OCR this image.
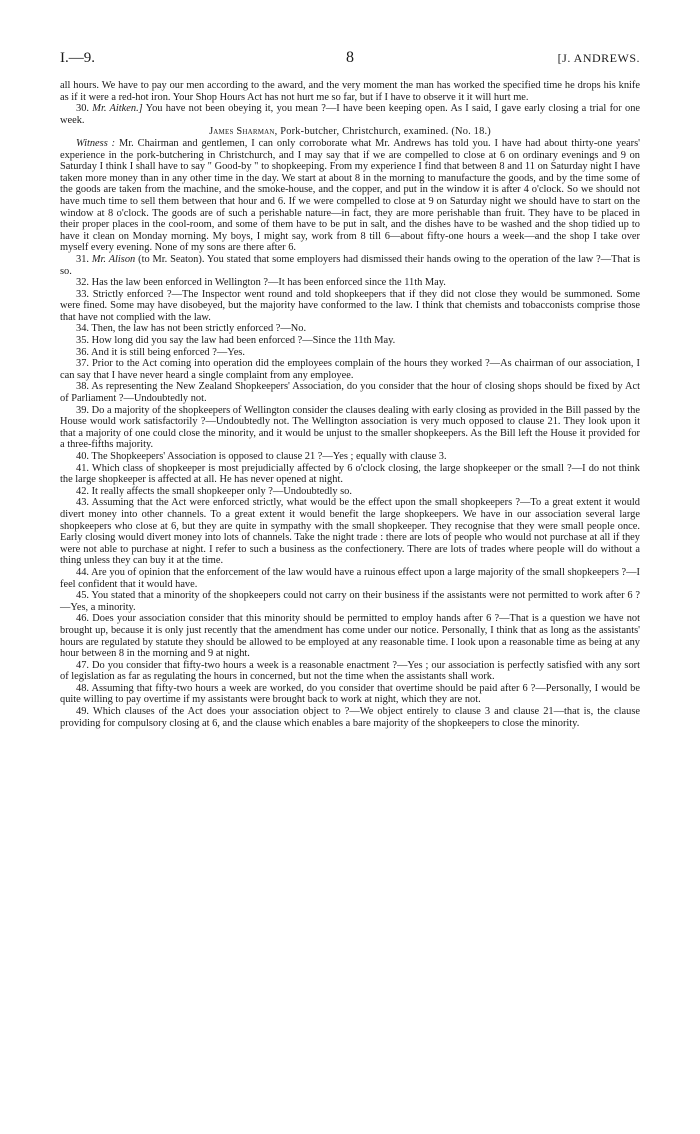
I.—9.	8	[J. ANDREWS.

all hours. We have to pay our men according to the award, and the very moment the man has worked the specified time he drops his knife as if it were a red-hot iron. Your Shop Hours Act has not hurt me so far, but if I have to observe it it will hurt me.

30. Mr. Aitken.] You have not been obeying it, you mean ?—I have been keeping open. As I said, I gave early closing a trial for one week.

James Sharman, Pork-butcher, Christchurch, examined. (No. 18.)

Witness : Mr. Chairman and gentlemen, I can only corroborate what Mr. Andrews has told you. I have had about thirty-one years' experience in the pork-butchering in Christchurch, and I may say that if we are compelled to close at 6 on ordinary evenings and 9 on Saturday I think I shall have to say " Good-by " to shopkeeping. From my experience I find that between 8 and 11 on Saturday night I have taken more money than in any other time in the day. We start at about 8 in the morning to manufacture the goods, and by the time some of the goods are taken from the machine, and the smoke-house, and the copper, and put in the window it is after 4 o'clock. So we should not have much time to sell them between that hour and 6. If we were compelled to close at 9 on Saturday night we should have to start on the window at 8 o'clock. The goods are of such a perishable nature—in fact, they are more perishable than fruit. They have to be placed in their proper places in the cool-room, and some of them have to be put in salt, and the dishes have to be washed and the shop tidied up to have it clean on Monday morning. My boys, I might say, work from 8 till 6—about fifty-one hours a week—and the shop I take over myself every evening. None of my sons are there after 6.

31. Mr. Alison (to Mr. Seaton). You stated that some employers had dismissed their hands owing to the operation of the law ?—That is so.

32. Has the law been enforced in Wellington ?—It has been enforced since the 11th May.

33. Strictly enforced ?—The Inspector went round and told shopkeepers that if they did not close they would be summoned. Some were fined. Some may have disobeyed, but the majority have conformed to the law. I think that chemists and tobacconists comprise those that have not complied with the law.

34. Then, the law has not been strictly enforced ?—No.

35. How long did you say the law had been enforced ?—Since the 11th May.

36. And it is still being enforced ?—Yes.

37. Prior to the Act coming into operation did the employees complain of the hours they worked ?—As chairman of our association, I can say that I have never heard a single complaint from any employee.

38. As representing the New Zealand Shopkeepers' Association, do you consider that the hour of closing shops should be fixed by Act of Parliament ?—Undoubtedly not.

39. Do a majority of the shopkeepers of Wellington consider the clauses dealing with early closing as provided in the Bill passed by the House would work satisfactorily ?—Undoubtedly not. The Wellington association is very much opposed to clause 21. They look upon it that a majority of one could close the minority, and it would be unjust to the smaller shopkeepers. As the Bill left the House it provided for a three-fifths majority.

40. The Shopkeepers' Association is opposed to clause 21 ?—Yes ; equally with clause 3.

41. Which class of shopkeeper is most prejudicially affected by 6 o'clock closing, the large shopkeeper or the small ?—I do not think the large shopkeeper is affected at all. He has never opened at night.

42. It really affects the small shopkeeper only ?—Undoubtedly so.

43. Assuming that the Act were enforced strictly, what would be the effect upon the small shopkeepers ?—To a great extent it would divert money into other channels. To a great extent it would benefit the large shopkeepers. We have in our association several large shopkeepers who close at 6, but they are quite in sympathy with the small shopkeeper. They recognise that they were small people once. Early closing would divert money into lots of channels. Take the night trade : there are lots of people who would not purchase at all if they were not able to purchase at night. I refer to such a business as the confectionery. There are lots of trades where people will do without a thing unless they can buy it at the time.

44. Are you of opinion that the enforcement of the law would have a ruinous effect upon a large majority of the small shopkeepers ?—I feel confident that it would have.

45. You stated that a minority of the shopkeepers could not carry on their business if the assistants were not permitted to work after 6 ?—Yes, a minority.

46. Does your association consider that this minority should be permitted to employ hands after 6 ?—That is a question we have not brought up, because it is only just recently that the amendment has come under our notice. Personally, I think that as long as the assistants' hours are regulated by statute they should be allowed to be employed at any reasonable time. I look upon a reasonable time as being at any hour between 8 in the morning and 9 at night.

47. Do you consider that fifty-two hours a week is a reasonable enactment ?—Yes ; our association is perfectly satisfied with any sort of legislation as far as regulating the hours in concerned, but not the time when the assistants shall work.

48. Assuming that fifty-two hours a week are worked, do you consider that overtime should be paid after 6 ?—Personally, I would be quite willing to pay overtime if my assistants were brought back to work at night, which they are not.

49. Which clauses of the Act does your association object to ?—We object entirely to clause 3 and clause 21—that is, the clause providing for compulsory closing at 6, and the clause which enables a bare majority of the shopkeepers to close the minority.
